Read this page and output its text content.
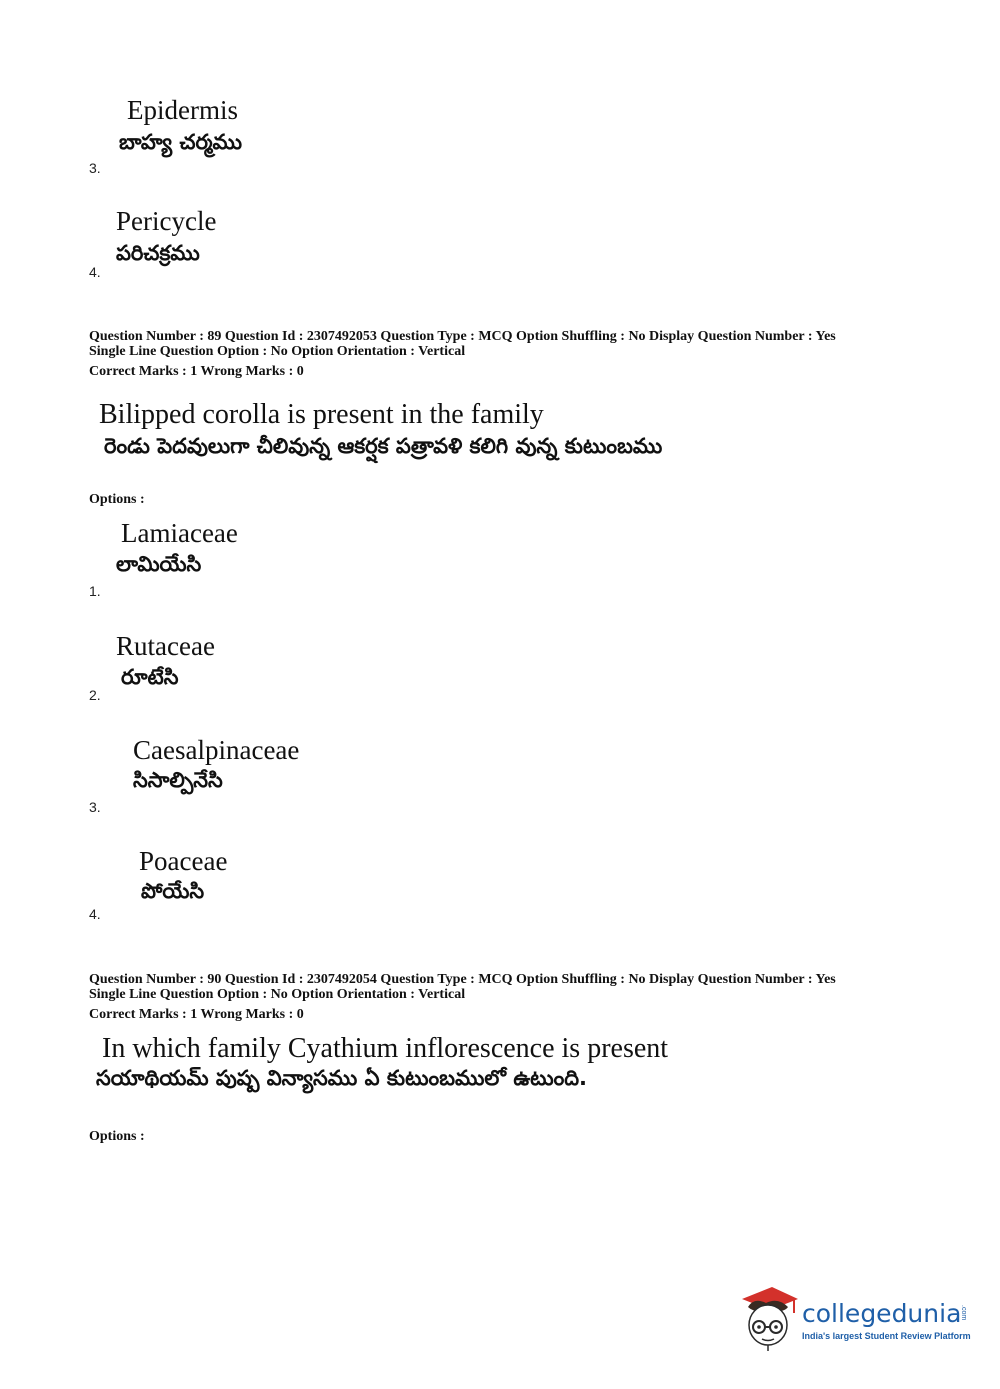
Epidermis
బాహ్య చర్మము
3.
Pericycle
పరిచక్రము
4.
Question Number : 89 Question Id : 2307492053 Question Type : MCQ Option Shuffling : No Display Question Number : Yes
Single Line Question Option : No Option Orientation : Vertical
Correct Marks : 1 Wrong Marks : 0
Bilipped corolla is present in the family
రెండు పెదవులుగా చీలివున్న ఆకర్షక పత్రావళి కలిగి వున్న కుటుంబము
Options :
Lamiaceae
లామియేసి
1.
Rutaceae
రూటేసి
2.
Caesalpinaceae
సిసాల్పినేసి
3.
Poaceae
పోయేసి
4.
Question Number : 90 Question Id : 2307492054 Question Type : MCQ Option Shuffling : No Display Question Number : Yes
Single Line Question Option : No Option Orientation : Vertical
Correct Marks : 1 Wrong Marks : 0
In which family Cyathium inflorescence is present
సయాథియమ్ పుష్ప విన్యాసము ఏ కుటుంబములో ఉటుంది.
Options :
collegedunia
.com
India's largest Student Review Platform
